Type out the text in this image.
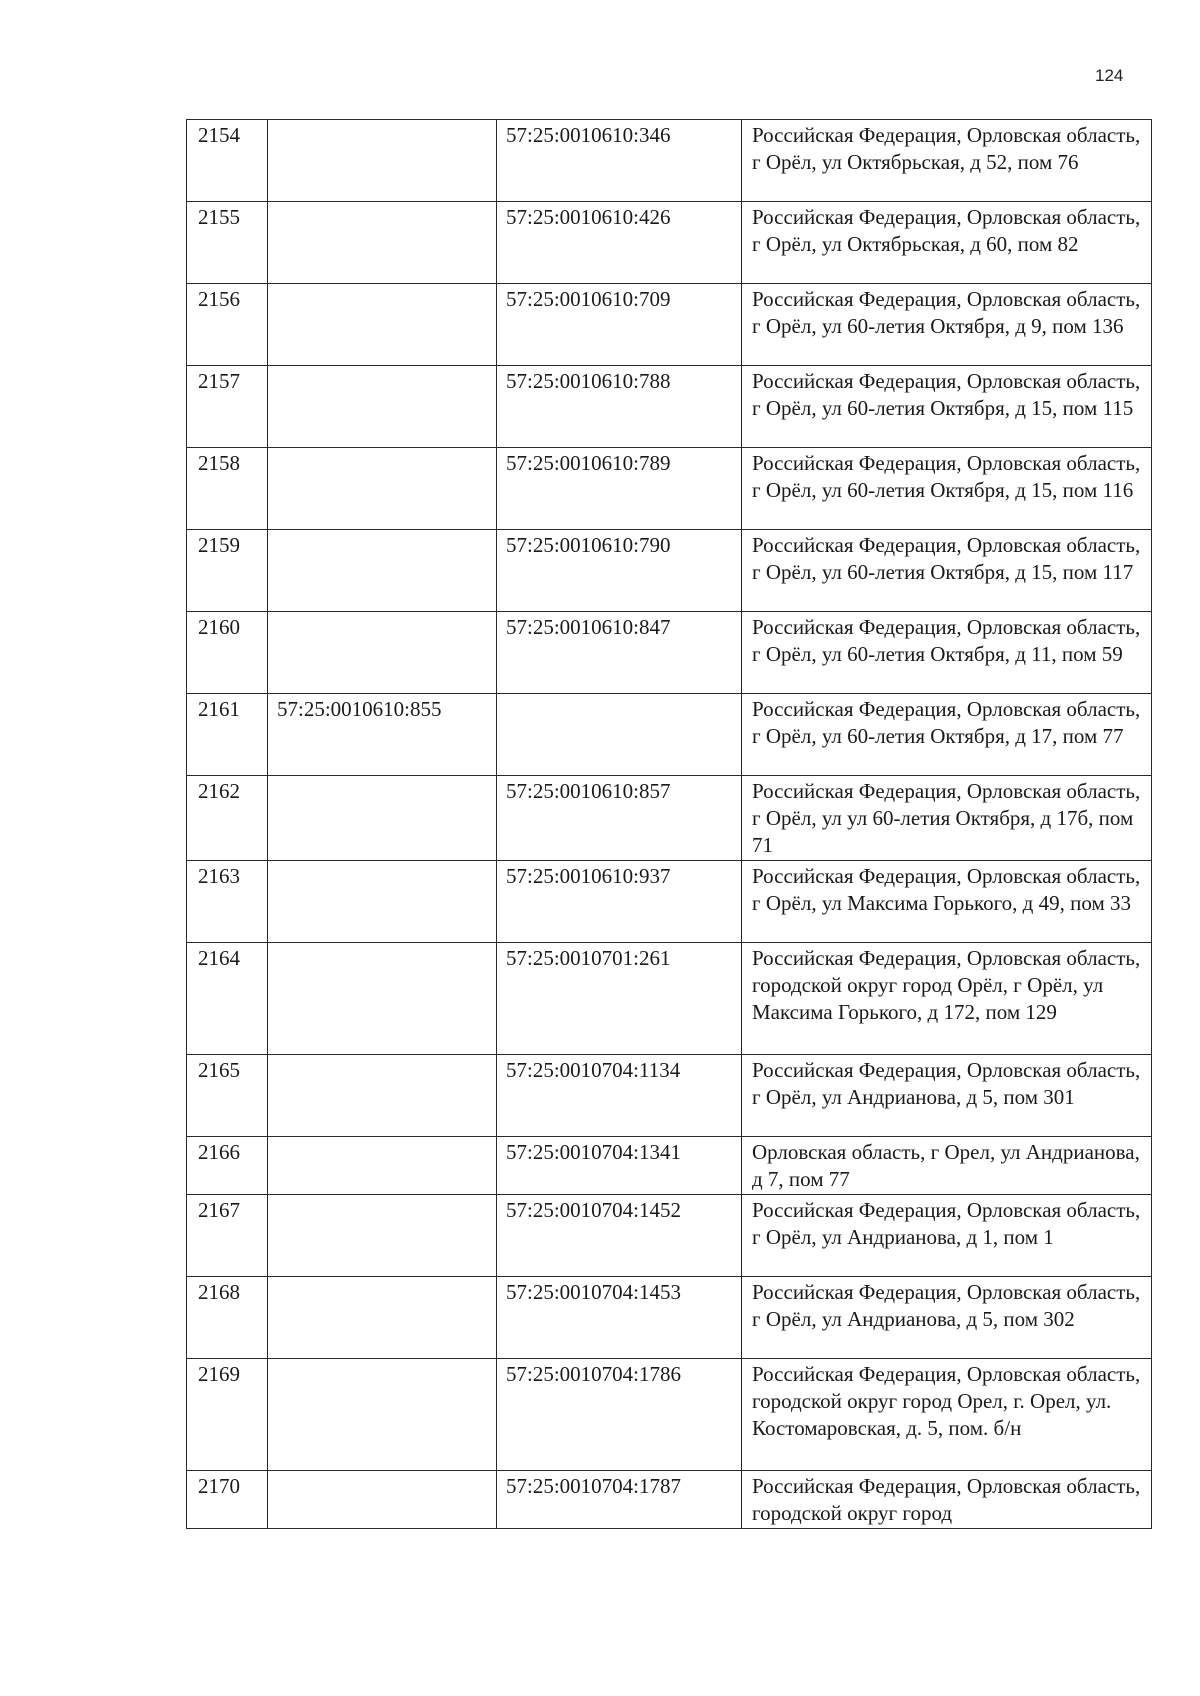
124
2154		57:25:0010610:346	Российская Федерация, Орловская область, г Орёл, ул Октябрьская, д 52, пом 76
2155		57:25:0010610:426	Российская Федерация, Орловская область, г Орёл, ул Октябрьская, д 60, пом 82
2156		57:25:0010610:709	Российская Федерация, Орловская область, г Орёл, ул 60-летия Октября, д 9, пом 136
2157		57:25:0010610:788	Российская Федерация, Орловская область, г Орёл, ул 60-летия Октября, д 15, пом 115
2158		57:25:0010610:789	Российская Федерация, Орловская область, г Орёл, ул 60-летия Октября, д 15, пом 116
2159		57:25:0010610:790	Российская Федерация, Орловская область, г Орёл, ул 60-летия Октября, д 15, пом 117
2160		57:25:0010610:847	Российская Федерация, Орловская область, г Орёл, ул 60-летия Октября, д 11, пом 59
2161	57:25:0010610:855		Российская Федерация, Орловская область, г Орёл, ул 60-летия Октября, д 17, пом 77
2162		57:25:0010610:857	Российская Федерация, Орловская область, г Орёл, ул ул 60-летия Октября, д 17б, пом 71
2163		57:25:0010610:937	Российская Федерация, Орловская область, г Орёл, ул Максима Горького, д 49, пом 33
2164		57:25:0010701:261	Российская Федерация, Орловская область, городской округ город Орёл, г Орёл, ул Максима Горького, д 172, пом 129
2165		57:25:0010704:1134	Российская Федерация, Орловская область, г Орёл, ул Андрианова, д 5, пом 301
2166		57:25:0010704:1341	Орловская область, г Орел, ул Андрианова, д 7, пом 77
2167		57:25:0010704:1452	Российская Федерация, Орловская область, г Орёл, ул Андрианова, д 1, пом 1
2168		57:25:0010704:1453	Российская Федерация, Орловская область, г Орёл, ул Андрианова, д 5, пом 302
2169		57:25:0010704:1786	Российская Федерация, Орловская область, городской округ город Орел, г. Орел, ул. Костомаровская, д. 5, пом. б/н
2170		57:25:0010704:1787	Российская Федерация, Орловская область, городской округ город
